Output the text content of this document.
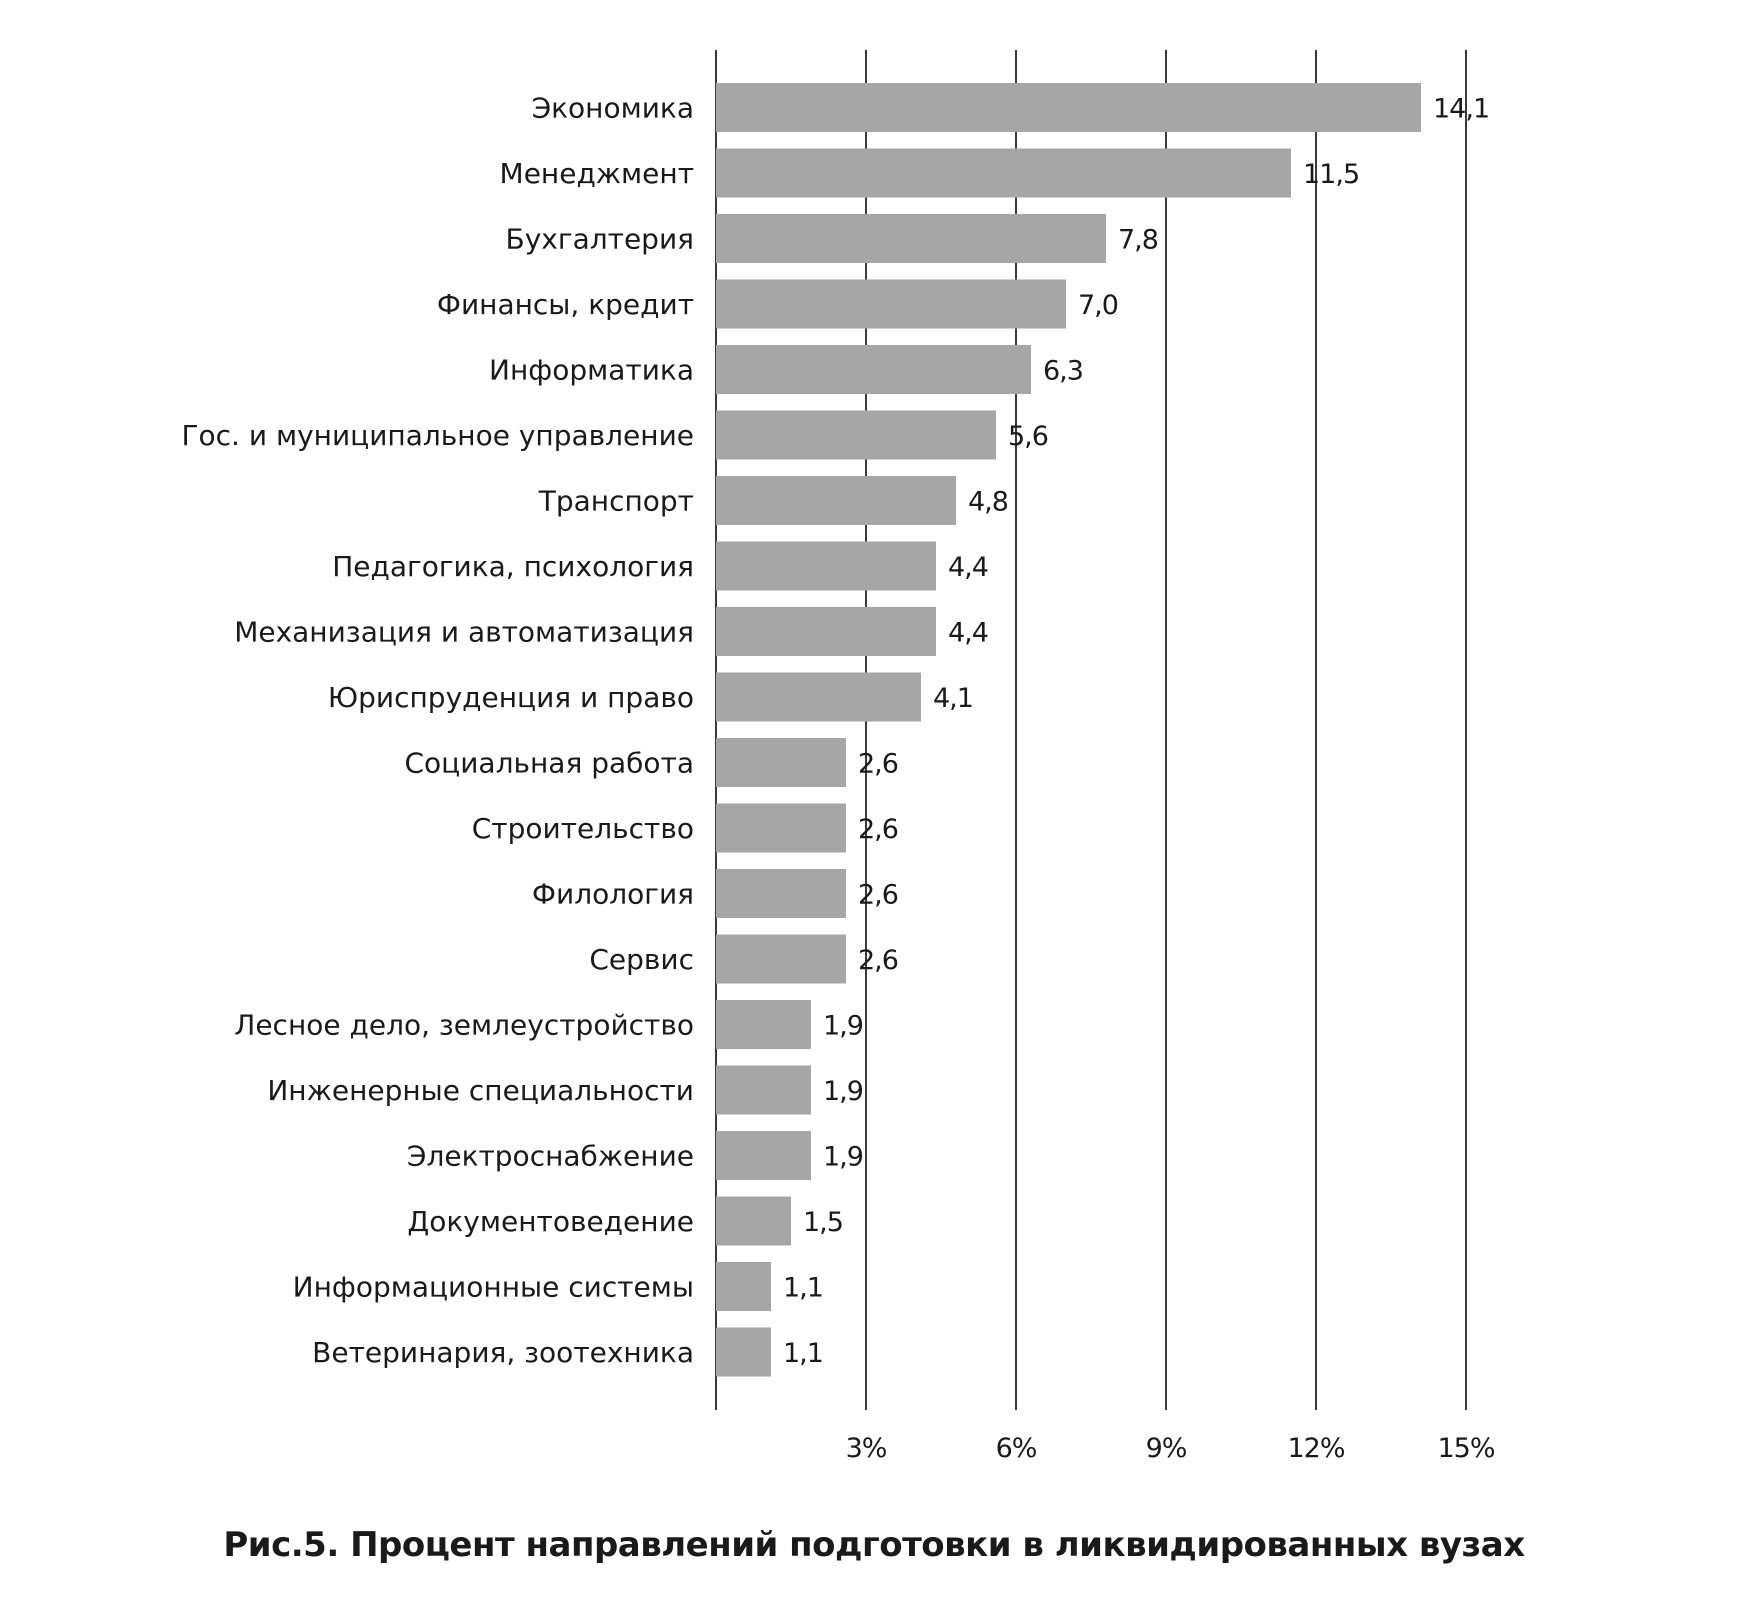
Экономика
Менеджмент
Бухгалтерия
Финансы, кредит
Информатика
Гос. и муниципальное управление
Транспорт
Педагогика, психология
Механизация и автоматизация
Юриспруденция и право
Социальная работа
Строительство
Филология
Сервис
Лесное дело, землеустройство
Инженерные специальности
Электроснабжение
Документоведение
Информационные системы
Ветеринария, зоотехника
14,1
11,5
7,8
7,0
6,3
5,6
4,8
4,4
4,4
4,1
2,6
2,6
2,6
2,6
1,9
1,9
1,9
1,5
1,1
1,1
3%	6%	9%	12%	15%
Рис.5. Процент направлений подготовки в ликвидированных вузах
